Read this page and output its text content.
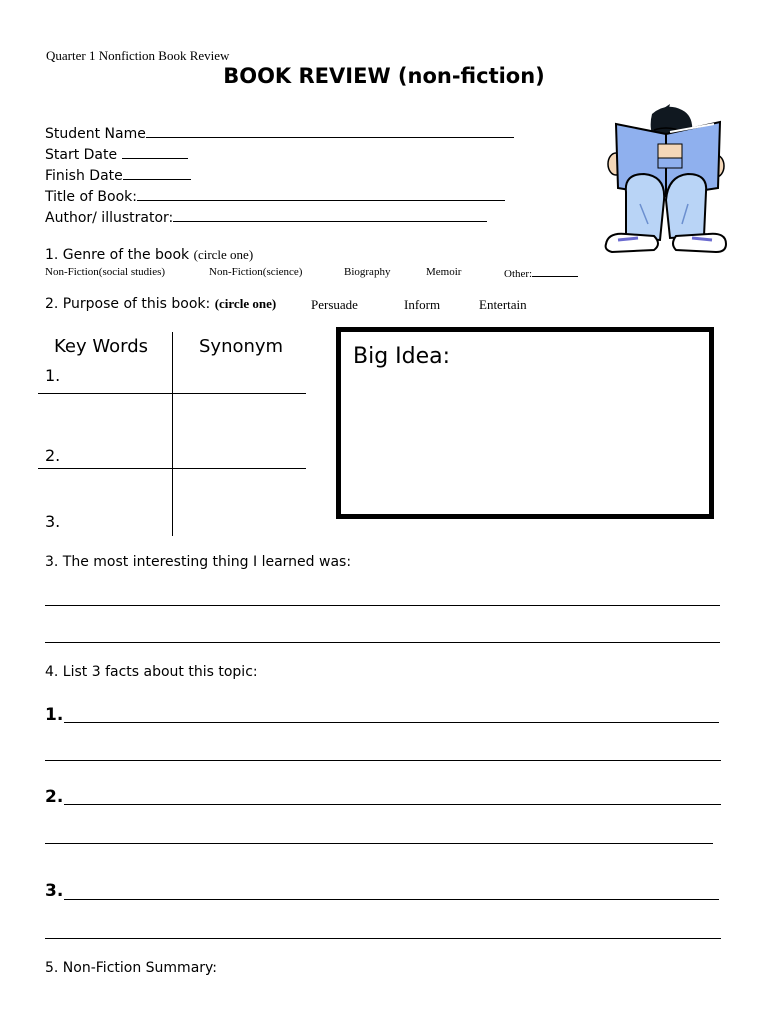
Quarter 1 Nonfiction Book Review
BOOK REVIEW (non-fiction)
Student Name
Start Date
Finish Date
Title of Book:
Author/ illustrator:
1. Genre of the book (circle one)
Non-Fiction(social studies)	Non-Fiction(science)	Biography	Memoir	Other:
2. Purpose of this book: (circle one)	Persuade	Inform	Entertain
Key Words	Synonym
1.
2.
3.
Big Idea:
3. The most interesting thing I learned was:
4. List 3 facts about this topic:
1.
2.
3.
5. Non-Fiction Summary:
